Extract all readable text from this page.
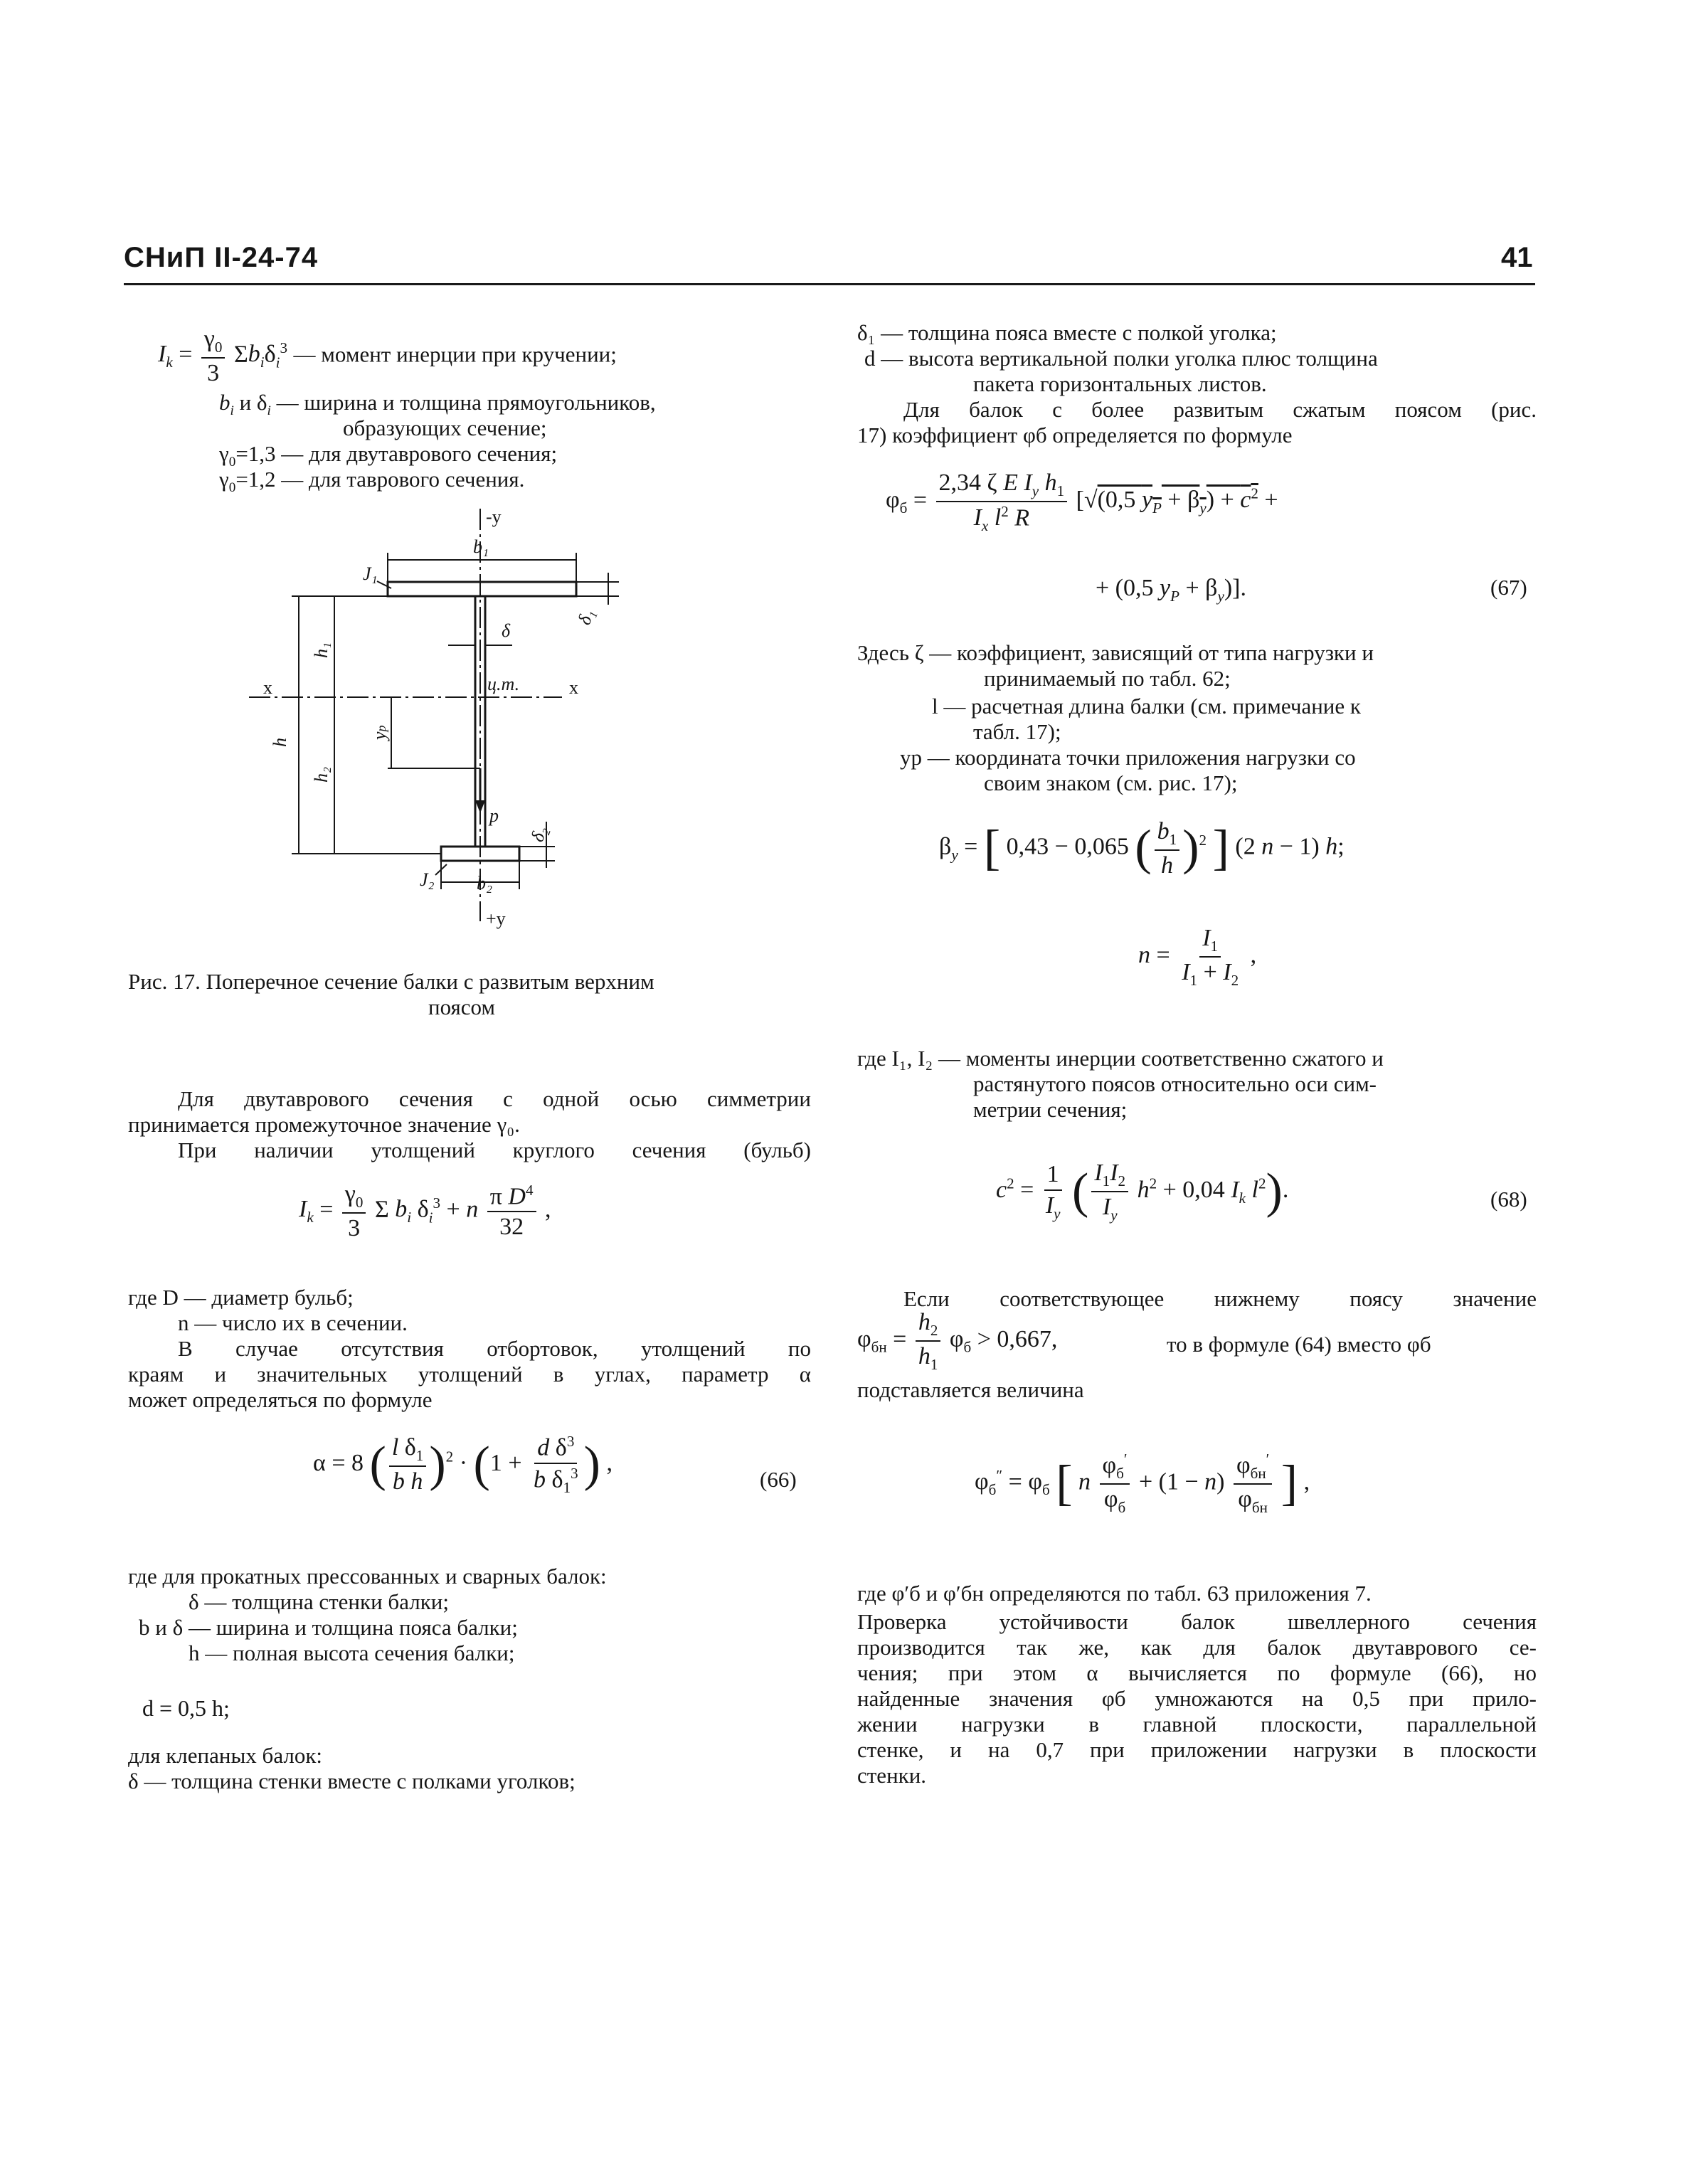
СНиП II-24-74	41
$I_k = \frac{\gamma_0}{3} \Sigma b_i\delta_i^3$ — момент инерции при кручении;
$b_i$ и $\delta_i$ — ширина и толщина прямоугольников,
образующих сечение;
$\gamma_0=1,3$ — для двутаврового сечения;
$\gamma_0=1,2$ — для таврового сечения.
-у
+у
b₁
J₁
δ₁
δ
J₂ b₂
δ₂
x	x
ц.т.
h
h₁
h₂
yр
p
Рис. 17. Поперечное сечение балки с развитым верхним
поясом
Для двутаврового сечения с одной осью симметрии
принимается промежуточное значение γ₀.
При наличии утолщений круглого сечения (бульб)
$I_k = \frac{\gamma_0}{3}$ Σ $b_i$ $\delta_i^3 + n \frac{\pi D^4}{32}$ ,
где D — диаметр бульб;
n — число их в сечении.
В случае отсутствия отбортовок, утолщений по
краям и значительных утолщений в углах, параметр α
может определяться по формуле
α = 8 ( $\frac{l \delta_1}{\text{b h}} )^2 \cdot (1 + \frac{d \delta^3}{b \delta_1^3}$ ) ,
(66)
где для прокатных прессованных и сварных балок:
δ — толщина стенки балки;
b и δ — ширина и толщина пояса балки;
h — полная высота сечения балки;
d = 0,5 h;
для клепаных балок:
δ — толщина стенки вместе с полками уголков;
δ₁ — толщина пояса вместе с полкой уголка;
d — высота вертикальной полки уголка плюс толщина
пакета горизонтальных листов.
Для балок с более развитым сжатым поясом (рис.
17) коэффициент φб определяется по формуле
$\varphi_б = \frac{2,34 \zeta E I_y h_1}{I_x l^2 R} [√(0,5$ $y_P + \beta_y) + c^2$ +
+ (0,5 $y_P + \beta_y$)].	(67)
Здесь ζ — коэффициент, зависящий от типа нагрузки и
принимаемый по табл. 62;
l — расчетная длина балки (см. примечание к
табл. 17);
yр — координата точки приложения нагрузки со
своим знаком (см. рис. 17);
$\beta_y$ = [ 0,43 − 0,065 ( $\frac{b_1}{h} )^2$ ] (2 n − 1) h;
$n = \frac{I_1}{I_1 + I_2}$ ,
где I₁, I₂ — моменты инерции соответственно сжатого и
растянутого поясов относительно оси сим-
метрии сечения;
$c^2 = \frac{1}{I_y}$ ( $\frac{I_1I_2}{I_y} h^2 + 0,04$ $I_k$ $l^2$).	(68)
Если соответствующее нижнему поясу значение
$\varphi_{бн} = \frac{h_2}{h_1} \varphi_б > 0,667$,	то в формуле (64) вместо φб
подставляется величина
$\varphi_б'' = \varphi_б$ [ n $\frac{\varphi_б'}{\varphi_б} + (1 - n) \frac{\varphi_{бн}'}{\varphi_{бн}}$ ] ,
где φ′б и φ′бн определяются по табл. 63 приложения 7.
Проверка устойчивости балок швеллерного сечения
производится так же, как для балок двутаврового се-
чения; при этом α вычисляется по формуле (66), но
найденные значения φб умножаются на 0,5 при прило-
жении нагрузки в главной плоскости, параллельной
стенке, и на 0,7 при приложении нагрузки в плоскости
стенки.
